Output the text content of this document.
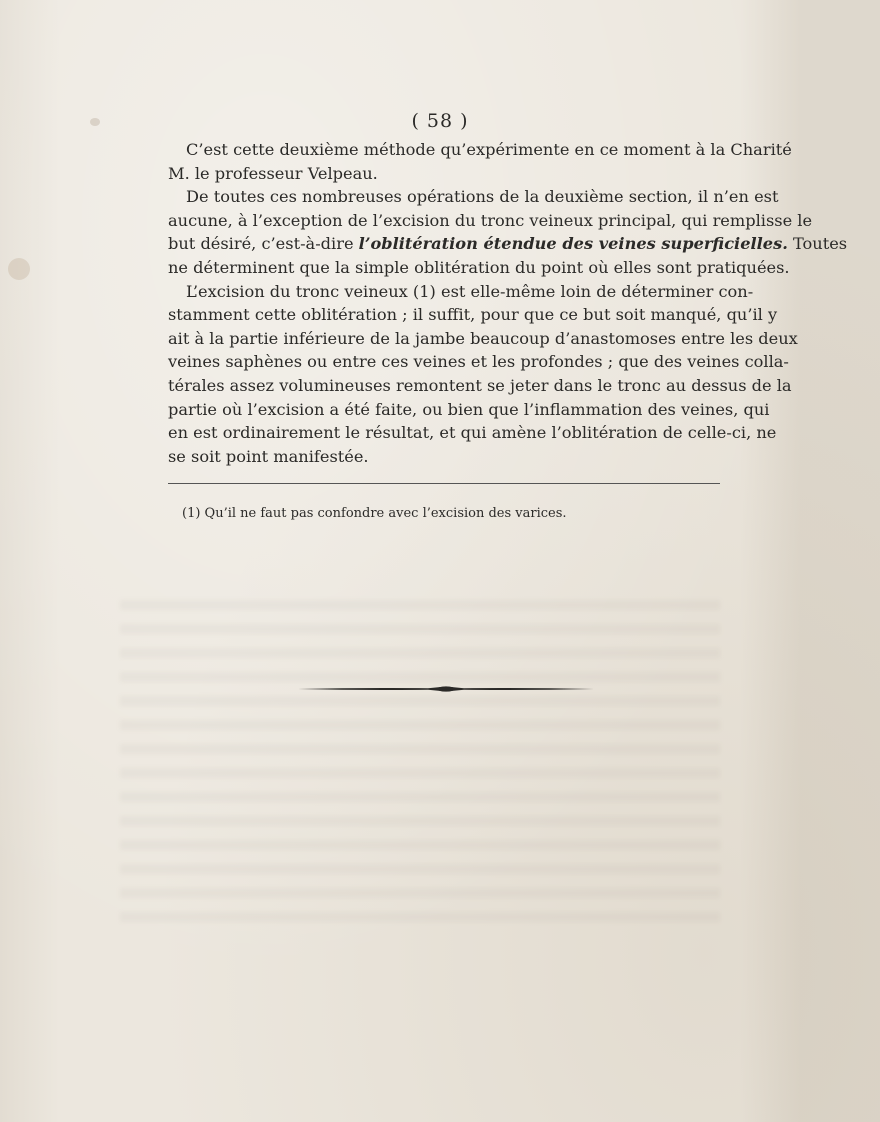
( 58 )
C’est cette deuxième méthode qu’expérimente en ce moment à la Charité
M. le professeur Velpeau.
De toutes ces nombreuses opérations de la deuxième section, il n’en est
aucune, à l’exception de l’excision du tronc veineux principal, qui remplisse le
but désiré, c’est-à-dire l’oblitération étendue des veines superficielles. Toutes
ne déterminent que la simple oblitération du point où elles sont pratiquées.
L’excision du tronc veineux (1) est elle-même loin de déterminer con-
stamment cette oblitération ; il suffit, pour que ce but soit manqué, qu’il y
ait à la partie inférieure de la jambe beaucoup d’anastomoses entre les deux
veines saphènes ou entre ces veines et les profondes ; que des veines colla-
térales assez volumineuses remontent se jeter dans le tronc au dessus de la
partie où l’excision a été faite, ou bien que l’inflammation des veines, qui
en est ordinairement le résultat, et qui amène l’oblitération de celle-ci, ne
se soit point manifestée.
(1) Qu’il ne faut pas confondre avec l’excision des varices.
